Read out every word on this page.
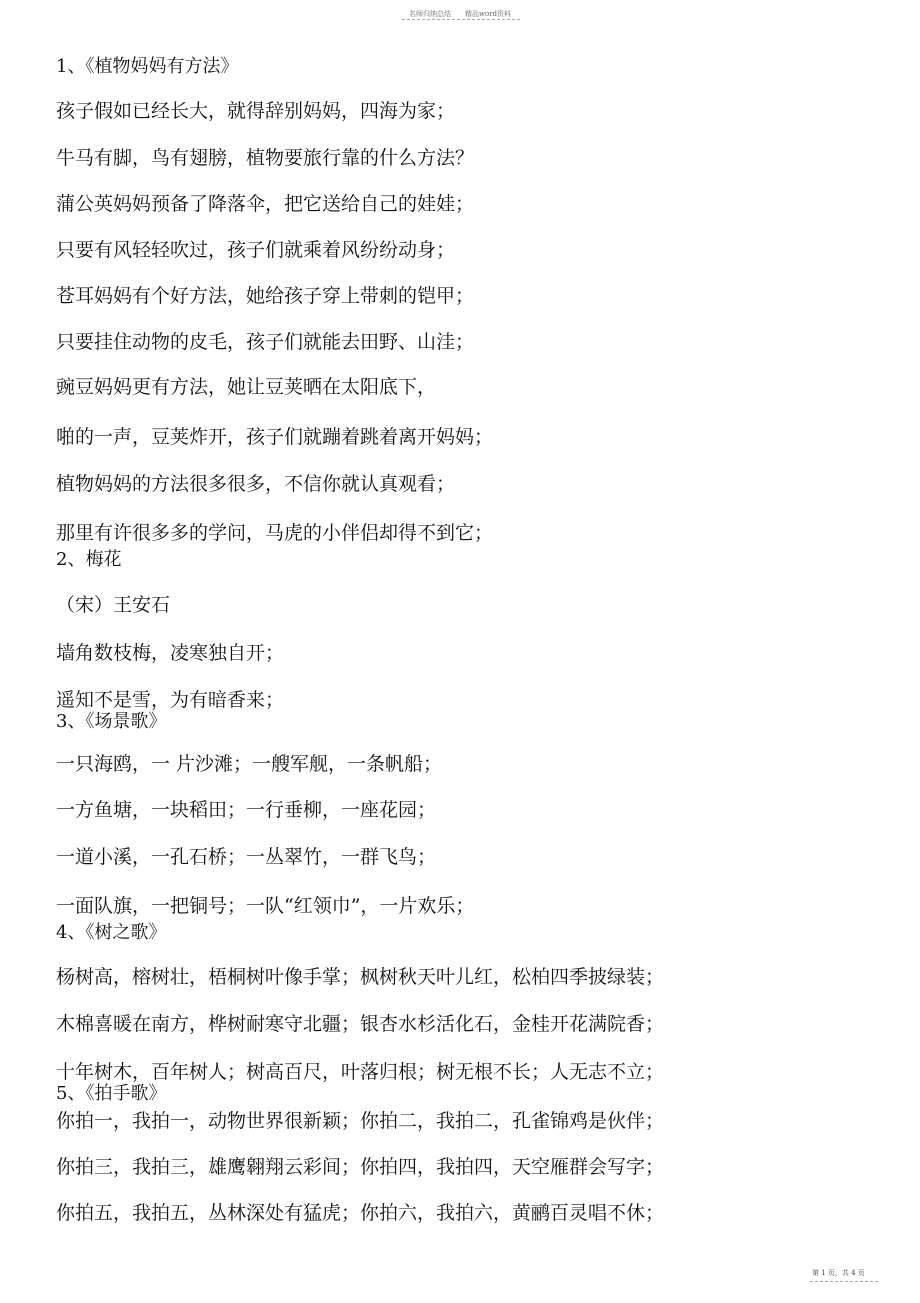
名师归纳总结　　精品word资料
1、《植物妈妈有方法》
孩子假如已经长大，就得辞别妈妈，四海为家；
牛马有脚，鸟有翅膀，植物要旅行靠的什么方法？
蒲公英妈妈预备了降落伞，把它送给自己的娃娃；
只要有风轻轻吹过，孩子们就乘着风纷纷动身；
苍耳妈妈有个好方法，她给孩子穿上带刺的铠甲；
只要挂住动物的皮毛，孩子们就能去田野、山洼；
豌豆妈妈更有方法，她让豆荚晒在太阳底下，
啪的一声，豆荚炸开，孩子们就蹦着跳着离开妈妈；
植物妈妈的方法很多很多，不信你就认真观看；
那里有许很多多的学问，马虎的小伴侣却得不到它；
2、梅花
（宋）王安石
墙角数枝梅，凌寒独自开；
遥知不是雪，为有暗香来；
3、《场景歌》
一只海鸥，一 片沙滩；一艘军舰，一条帆船；
一方鱼塘，一块稻田；一行垂柳，一座花园；
一道小溪，一孔石桥；一丛翠竹，一群飞鸟；
一面队旗，一把铜号；一队“红领巾”，一片欢乐；
4、《树之歌》
杨树高，榕树壮，梧桐树叶像手掌；枫树秋天叶儿红，松柏四季披绿装；
木棉喜暖在南方，桦树耐寒守北疆；银杏水杉活化石，金桂开花满院香；
十年树木，百年树人；树高百尺，叶落归根；树无根不长；人无志不立；
5、《拍手歌》
你拍一，我拍一，动物世界很新颖；你拍二，我拍二，孔雀锦鸡是伙伴；
你拍三，我拍三，雄鹰翱翔云彩间；你拍四，我拍四，天空雁群会写字；
你拍五，我拍五，丛林深处有猛虎；你拍六，我拍六，黄鹂百灵唱不休；
第 1 页，共 4 页
